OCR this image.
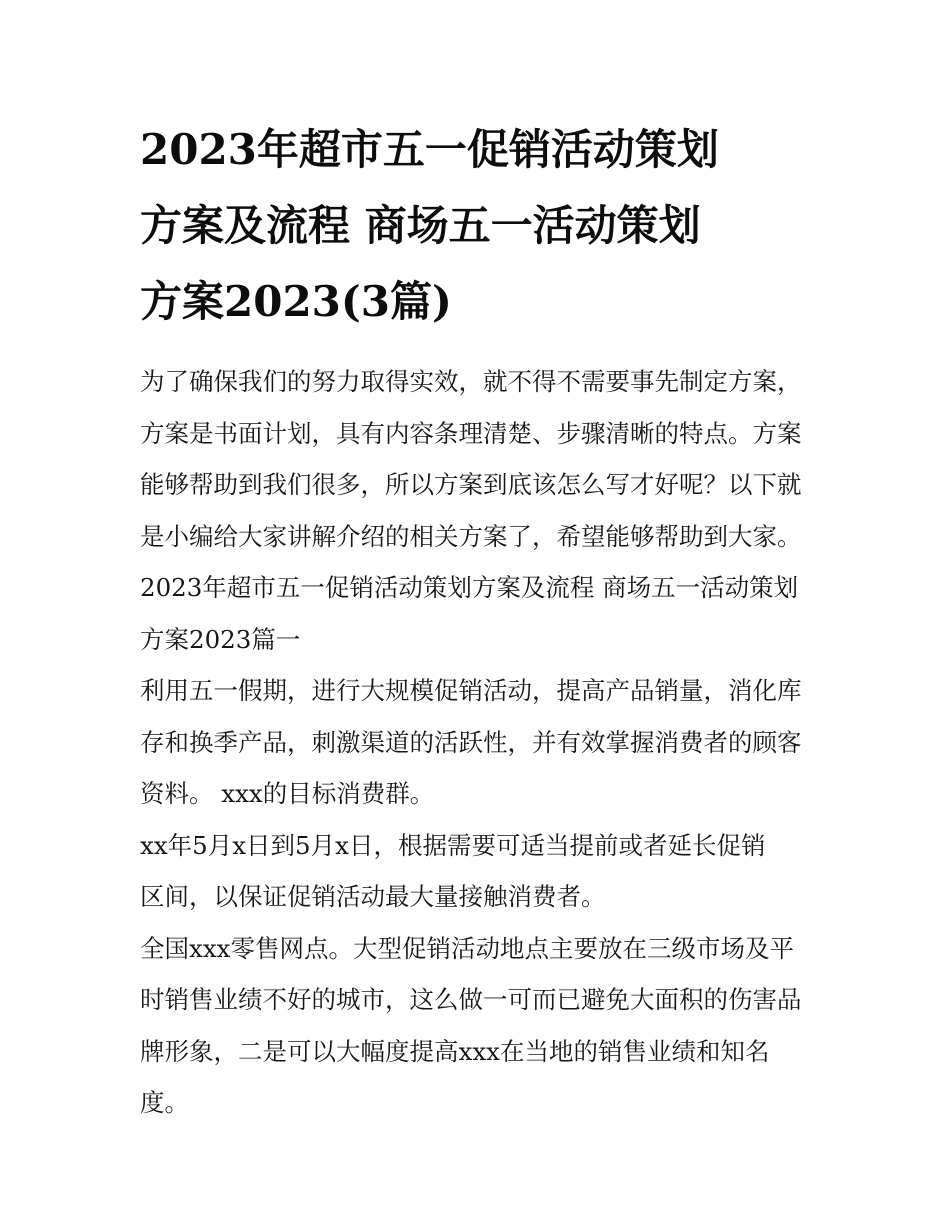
2023年超市五一促销活动策划
方案及流程 商场五一活动策划
方案2023(3篇)

为了确保我们的努力取得实效，就不得不需要事先制定方案，
方案是书面计划，具有内容条理清楚、步骤清晰的特点。方案
能够帮助到我们很多，所以方案到底该怎么写才好呢？以下就
是小编给大家讲解介绍的相关方案了，希望能够帮助到大家。

2023年超市五一促销活动策划方案及流程 商场五一活动策划
方案2023篇一

利用五一假期，进行大规模促销活动，提高产品销量，消化库
存和换季产品，刺激渠道的活跃性，并有效掌握消费者的顾客
资料。 xxx的目标消费群。

xx年5月x日到5月x日，根据需要可适当提前或者延长促销
区间，以保证促销活动最大量接触消费者。

全国xxx零售网点。大型促销活动地点主要放在三级市场及平
时销售业绩不好的城市，这么做一可而已避免大面积的伤害品
牌形象，二是可以大幅度提高xxx在当地的销售业绩和知名
度。
